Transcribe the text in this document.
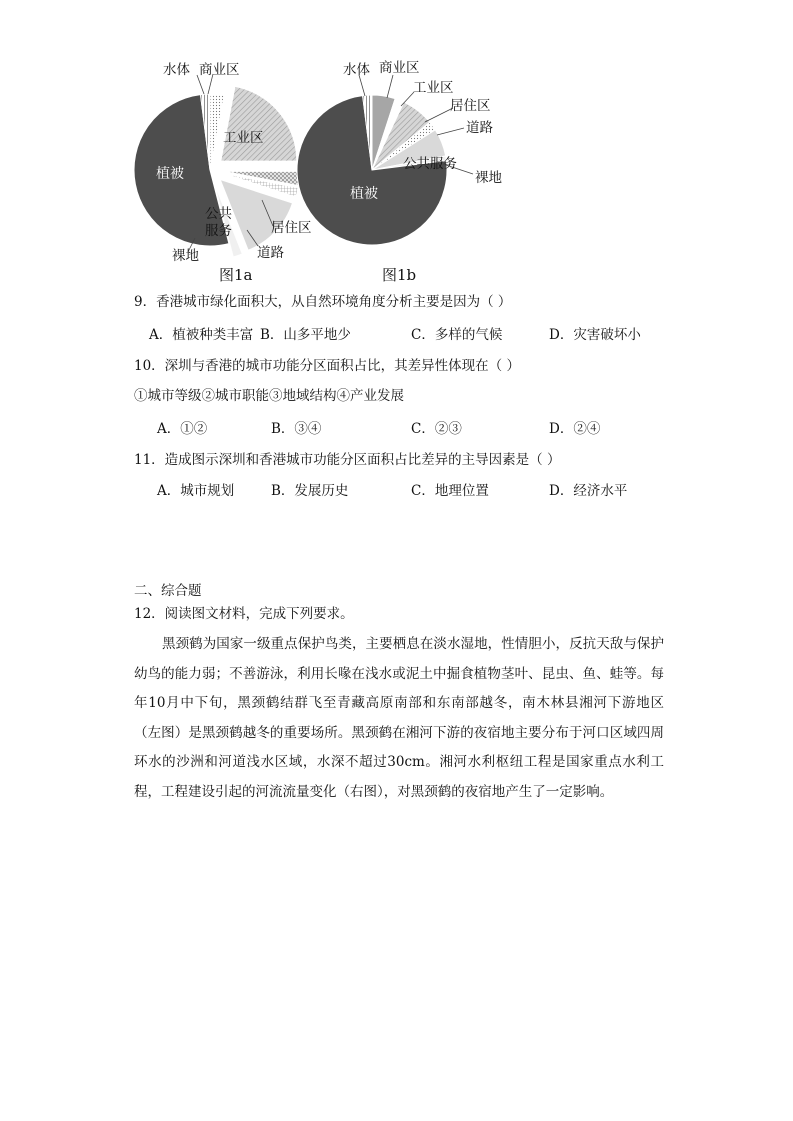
水体 商业区
工业区
植被
公共
服务	居住区
道路
裸地
图1a
水体 商业区
工业区
居住区
道路
公共服务
裸地
植被
图1b
9．香港城市绿化面积大，从自然环境角度分析主要是因为（ ）
A．植被种类丰富 B．山多平地少	C．多样的气候	D．灾害破坏小
10．深圳与香港的城市功能分区面积占比，其差异性体现在（ ）
①城市等级②城市职能③地域结构④产业发展
A．①②	B．③④	C．②③	D．②④
11．造成图示深圳和香港城市功能分区面积占比差异的主导因素是（ ）
A．城市规划	B．发展历史	C．地理位置	D．经济水平
二、综合题
12．阅读图文材料，完成下列要求。
黑颈鹤为国家一级重点保护鸟类，主要栖息在淡水湿地，性情胆小，反抗天敌与保护幼鸟的能力弱；不善游泳，利用长喙在浅水或泥土中掘食植物茎叶、昆虫、鱼、蛙等。每年10月中下旬，黑颈鹤结群飞至青藏高原南部和东南部越冬，南木林县湘河下游地区（左图）是黑颈鹤越冬的重要场所。黑颈鹤在湘河下游的夜宿地主要分布于河口区域四周环水的沙洲和河道浅水区域，水深不超过30cm。湘河水利枢纽工程是国家重点水利工程，工程建设引起的河流流量变化（右图），对黑颈鹤的夜宿地产生了一定影响。
